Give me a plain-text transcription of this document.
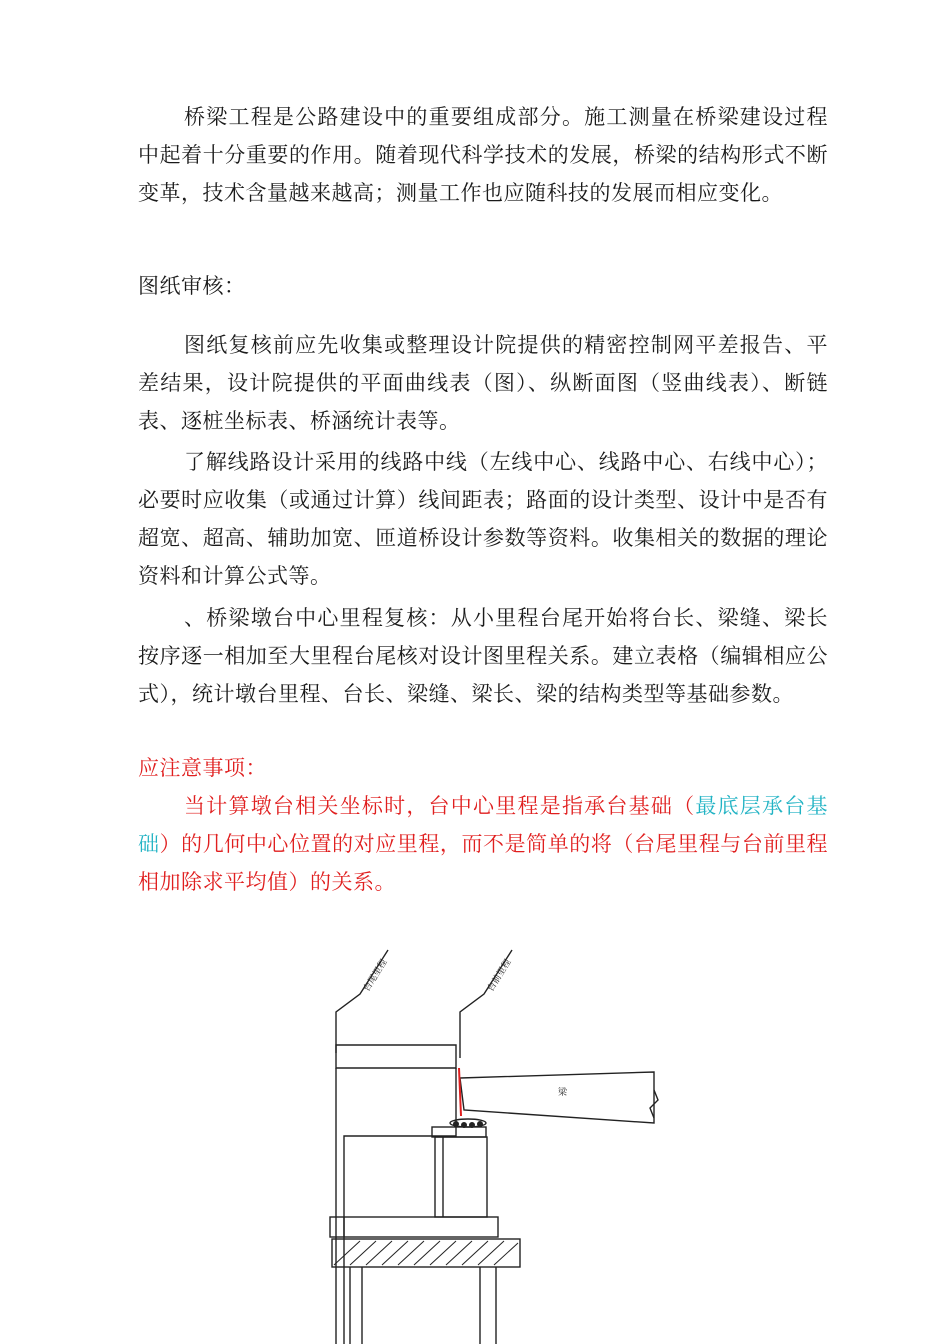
桥梁工程是公路建设中的重要组成部分。施工测量在桥梁建设过程中起着十分重要的作用。随着现代科学技术的发展，桥梁的结构形式不断变革，技术含量越来越高；测量工作也应随科技的发展而相应变化。

图纸审核：

图纸复核前应先收集或整理设计院提供的精密控制网平差报告、平差结果，设计院提供的平面曲线表（图）、纵断面图（竖曲线表）、断链表、逐桩坐标表、桥涵统计表等。

了解线路设计采用的线路中线（左线中心、线路中心、右线中心）；必要时应收集（或通过计算）线间距表；路面的设计类型、设计中是否有超宽、超高、辅助加宽、匝道桥设计参数等资料。收集相关的数据的理论资料和计算公式等。

、桥梁墩台中心里程复核：从小里程台尾开始将台长、梁缝、梁长按序逐一相加至大里程台尾核对设计图里程关系。建立表格（编辑相应公式），统计墩台里程、台长、梁缝、梁长、梁的结构类型等基础参数。

应注意事项：

当计算墩台相关坐标时，台中心里程是指承台基础（最底层承台基础）的几何中心位置的对应里程，而不是简单的将（台尾里程与台前里程相加除求平均值）的关系。

台尾里程	台前里程
梁
